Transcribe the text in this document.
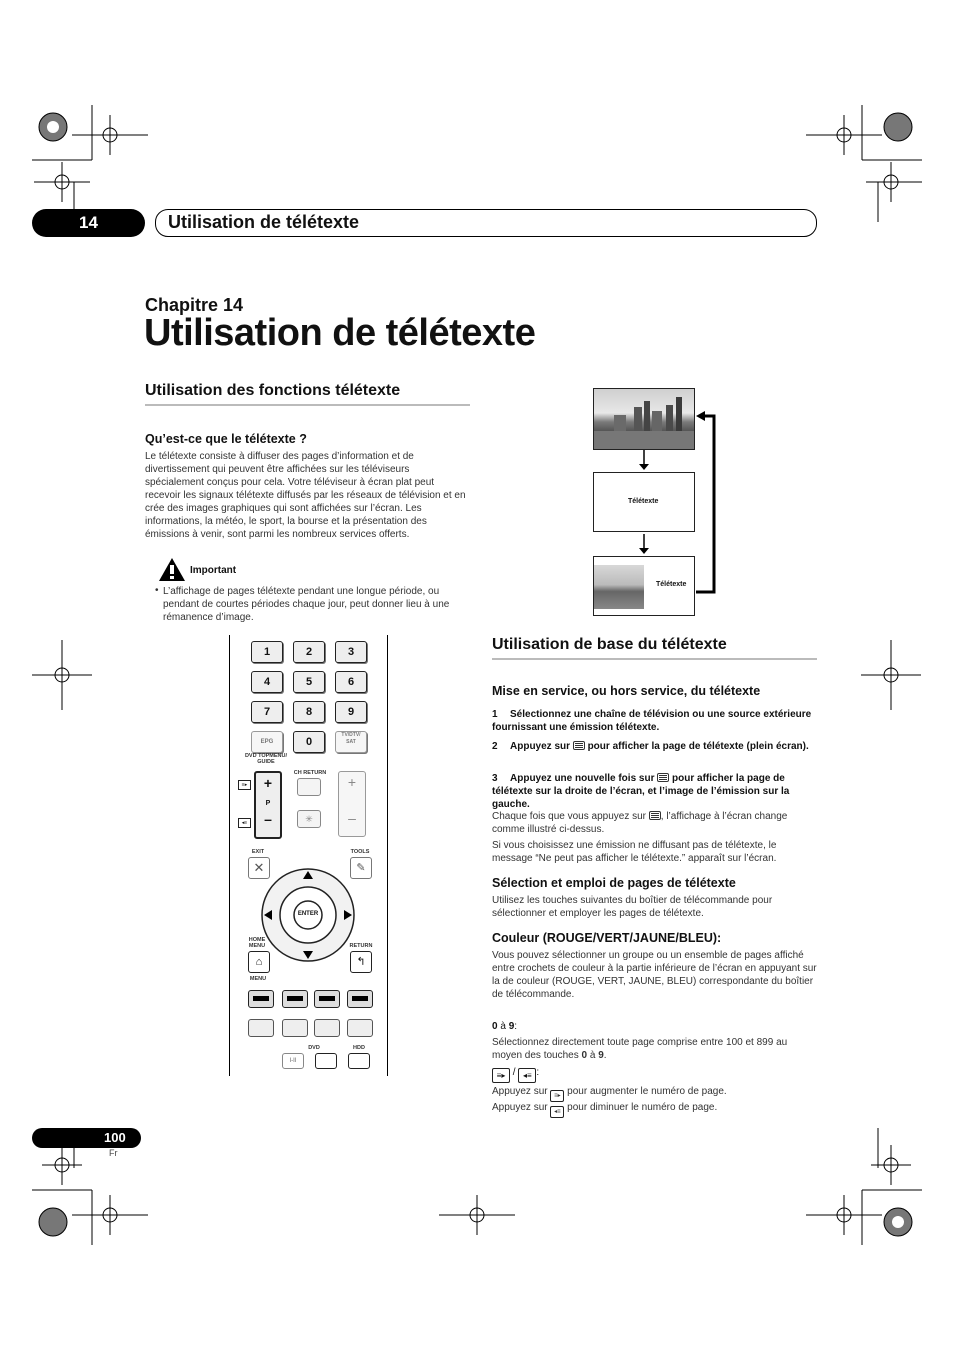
14	Utilisation de télétexte
Chapitre 14
Utilisation de télétexte
Utilisation des fonctions télétexte
Qu’est-ce que le télétexte ?
Le télétexte consiste à diffuser des pages d’information et de divertissement qui peuvent être affichées sur les téléviseurs spécialement conçus pour cela. Votre téléviseur à écran plat peut recevoir les signaux télétexte diffusés par les réseaux de télévision et en crée des images graphiques qui sont affichées sur l’écran. Les informations, la météo, le sport, la bourse et la présentation des émissions à venir, sont parmi les nombreux services offerts.
Important
• L’affichage de pages télétexte pendant une longue période, ou pendant de courtes périodes chaque jour, peut donner lieu à une rémanence d’image.
Télétexte
Télétexte
Utilisation de base du télétexte
Mise en service, ou hors service, du télétexte
1 Sélectionnez une chaîne de télévision ou une source extérieure fournissant une émission télétexte.
2 Appuyez sur pour afficher la page de télétexte (plein écran).
3 Appuyez une nouvelle fois sur pour afficher la page de télétexte sur la droite de l’écran, et l’image de l’émission sur la gauche.
Chaque fois que vous appuyez sur , l’affichage à l’écran change comme illustré ci-dessus.
Si vous choisissez une émission ne diffusant pas de télétexte, le message “Ne peut pas afficher le télétexte.” apparaît sur l’écran.
Sélection et emploi de pages de télétexte
Utilisez les touches suivantes du boîtier de télécommande pour sélectionner et employer les pages de télétexte.
Couleur (ROUGE/VERT/JAUNE/BLEU):
Vous pouvez sélectionner un groupe ou un ensemble de pages affiché entre crochets de couleur à la partie inférieure de l’écran en appuyant sur la de couleur (ROUGE, VERT, JAUNE, BLEU) correspondante du boîtier de télécommande.
0 à 9:
Sélectionnez directement toute page comprise entre 100 et 899 au moyen des touches 0 à 9.
≡▸ / ◂≡ :
Appuyez sur ≡▸ pour augmenter le numéro de page.
Appuyez sur ◂≡ pour diminuer le numéro de page.
1	2	3
4	5	6
7	8	9
EPG	0
TV/DTV/ SAT
DVD TOPMENU/ GUIDE
CH RETURN
+
P
–
≡▸
◂≡	✳
+
–
EXIT	TOOLS
✕	✎
ENTER
HOME MENU	RETURN
⌂	↰
MENU
DVD	HDD
I-II
100
Fr
